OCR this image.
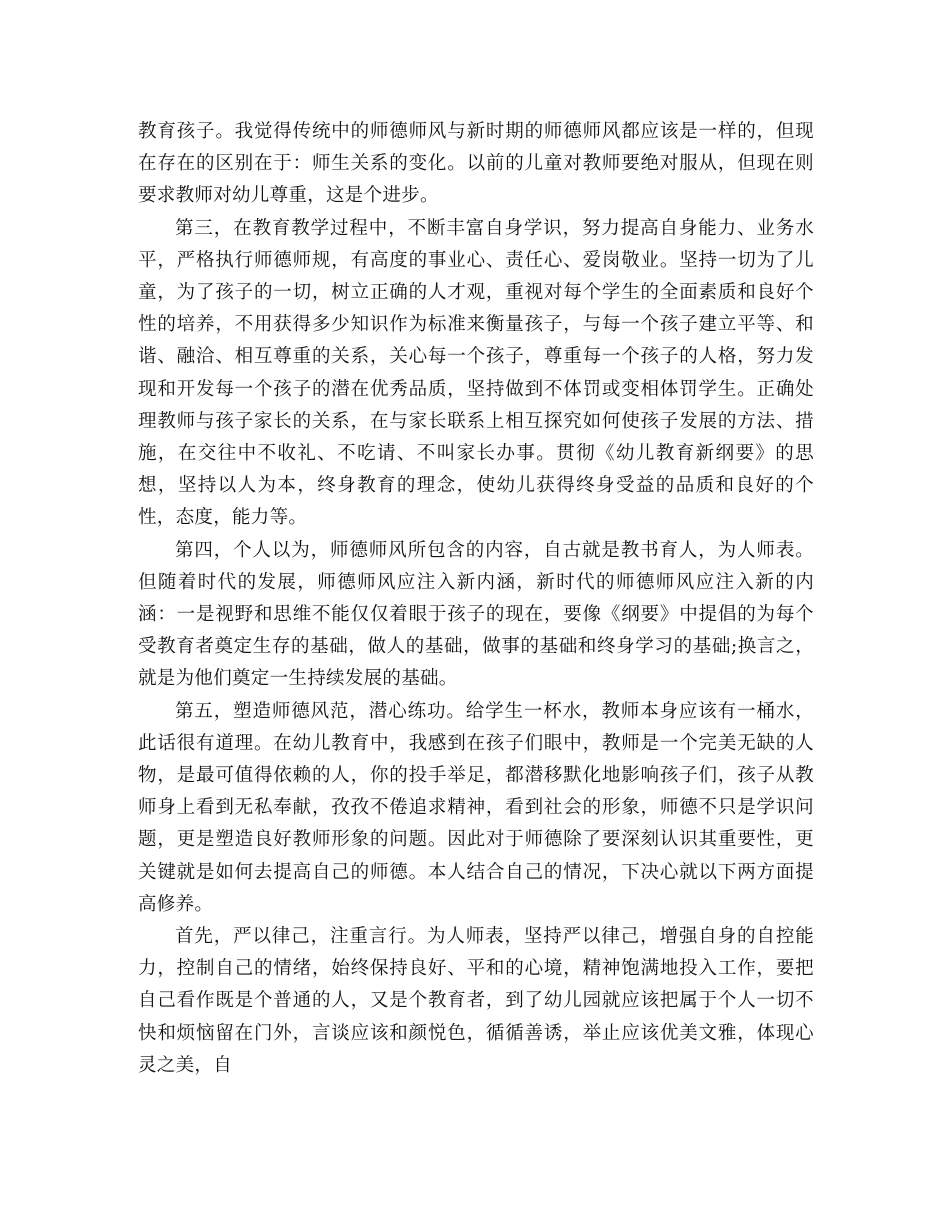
教育孩子。我觉得传统中的师德师风与新时期的师德师风都应该是一样的，但现在存在的区别在于：师生关系的变化。以前的儿童对教师要绝对服从，但现在则要求教师对幼儿尊重，这是个进步。

第三，在教育教学过程中，不断丰富自身学识，努力提高自身能力、业务水平，严格执行师德师规，有高度的事业心、责任心、爱岗敬业。坚持一切为了儿童，为了孩子的一切，树立正确的人才观，重视对每个学生的全面素质和良好个性的培养，不用获得多少知识作为标准来衡量孩子，与每一个孩子建立平等、和谐、融洽、相互尊重的关系，关心每一个孩子，尊重每一个孩子的人格，努力发现和开发每一个孩子的潜在优秀品质，坚持做到不体罚或变相体罚学生。正确处理教师与孩子家长的关系，在与家长联系上相互探究如何使孩子发展的方法、措施，在交往中不收礼、不吃请、不叫家长办事。贯彻《幼儿教育新纲要》的思想，坚持以人为本，终身教育的理念，使幼儿获得终身受益的品质和良好的个性，态度，能力等。

第四，个人以为，师德师风所包含的内容，自古就是教书育人，为人师表。但随着时代的发展，师德师风应注入新内涵，新时代的师德师风应注入新的内涵：一是视野和思维不能仅仅着眼于孩子的现在，要像《纲要》中提倡的为每个受教育者奠定生存的基础，做人的基础，做事的基础和终身学习的基础;换言之，就是为他们奠定一生持续发展的基础。

第五，塑造师德风范，潜心练功。给学生一杯水，教师本身应该有一桶水，此话很有道理。在幼儿教育中，我感到在孩子们眼中，教师是一个完美无缺的人物，是最可值得依赖的人，你的投手举足，都潜移默化地影响孩子们，孩子从教师身上看到无私奉献，孜孜不倦追求精神，看到社会的形象，师德不只是学识问题，更是塑造良好教师形象的问题。因此对于师德除了要深刻认识其重要性，更关键就是如何去提高自己的师德。本人结合自己的情况，下决心就以下两方面提高修养。

首先，严以律己，注重言行。为人师表，坚持严以律己，增强自身的自控能力，控制自己的情绪，始终保持良好、平和的心境，精神饱满地投入工作，要把自己看作既是个普通的人，又是个教育者，到了幼儿园就应该把属于个人一切不快和烦恼留在门外，言谈应该和颜悦色，循循善诱，举止应该优美文雅，体现心灵之美，自
